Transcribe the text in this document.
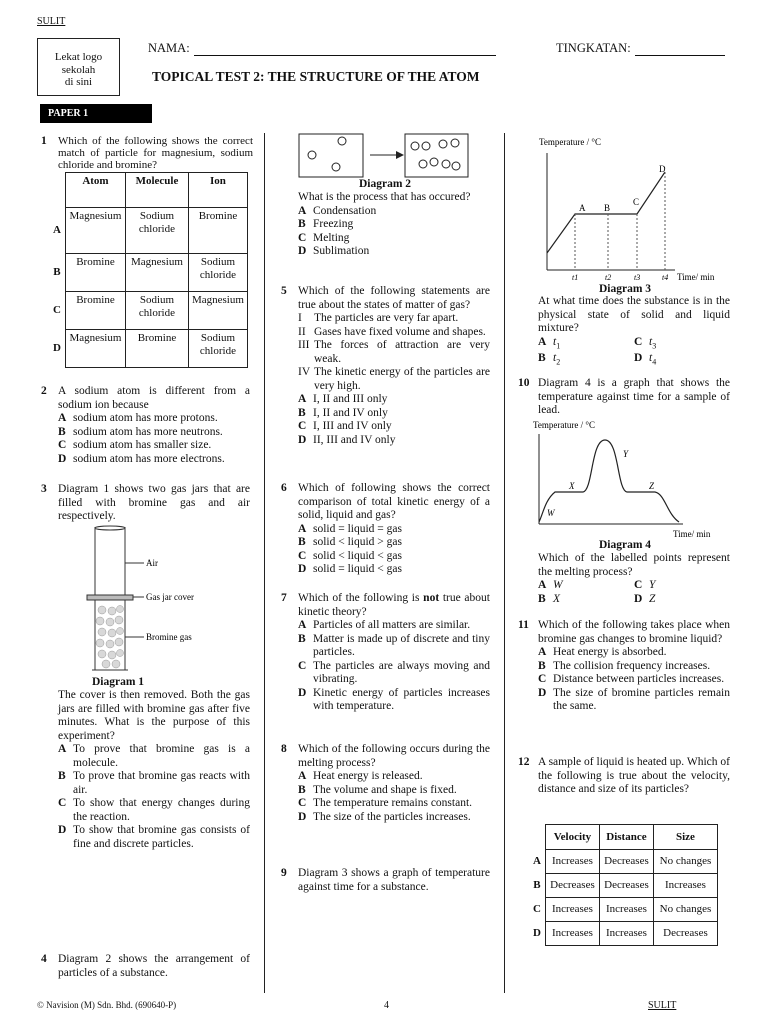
SULIT
Lekat logo
sekolah
di sini
NAMA:	TINGKATAN:
TOPICAL TEST 2: THE STRUCTURE OF THE ATOM
PAPER 1
1 Which of the following shows the correct match of particle for magnesium, sodium chloride and bromine?
	Atom	Molecule	Ion
A	Magnesium	Sodium chloride	Bromine
B	Bromine	Magnesium	Sodium chloride
C	Bromine	Sodium chloride	Magnesium
D	Magnesium	Bromine	Sodium chloride
2 A sodium atom is different from a sodium ion because
A sodium atom has more protons.
B sodium atom has more neutrons.
C sodium atom has smaller size.
D sodium atom has more electrons.
3 Diagram 1 shows two gas jars that are filled with bromine gas and air respectively.
Air
Gas jar cover
Bromine gas
Diagram 1
The cover is then removed. Both the gas jars are filled with bromine gas after five minutes. What is the purpose of this experiment?
A To prove that bromine gas is a molecule.
B To prove that bromine gas reacts with air.
C To show that energy changes during the reaction.
D To show that bromine gas consists of fine and discrete particles.
4 Diagram 2 shows the arrangement of particles of a substance.
Diagram 2
What is the process that has occured?
A Condensation
B Freezing
C Melting
D Sublimation
5 Which of the following statements are true about the states of matter of gas?
I	The particles are very far apart.
II Gases have fixed volume and shapes.
III The forces of attraction are very weak.
IV The kinetic energy of the particles are very high.
A I, II and III only
B I, II and IV only
C I, III and IV only
D II, III and IV only
6 Which of following shows the correct comparison of total kinetic energy of a solid, liquid and gas?
A solid = liquid = gas
B solid < liquid > gas
C solid < liquid < gas
D solid = liquid < gas
7 Which of the following is not true about kinetic theory?
A Particles of all matters are similar.
B Matter is made up of discrete and tiny particles.
C The particles are always moving and vibrating.
D Kinetic energy of particles increases with temperature.
8 Which of the following occurs during the melting process?
A Heat energy is released.
B The volume and shape is fixed.
C The temperature remains constant.
D The size of the particles increases.
9 Diagram 3 shows a graph of temperature against time for a substance.
Temperature / °C
A B
C
D
t1	t2	t3	t4 Time/ min
Diagram 3
At what time does the substance is in the physical state of solid and liquid mixture?
A $t_1$	C $t_3$
B $t_2$	D $t_4$
10 Diagram 4 is a graph that shows the temperature against time for a sample of lead.
Temperature / °C
W
X
Y
Z
Time/ min
Diagram 4
Which of the labelled points represent the melting process?
A W	C Y
B X	D Z
11 Which of the following takes place when bromine gas changes to bromine liquid?
A Heat energy is absorbed.
B The collision frequency increases.
C Distance between particles increases.
D The size of bromine particles remain the same.
12 A sample of liquid is heated up. Which of the following is true about the velocity, distance and size of its particles?
	Velocity	Distance	Size
A	Increases	Decreases	No changes
B	Decreases	Decreases	Increases
C	Increases	Increases	No changes
D	Increases	Increases	Decreases
© Navision (M) Sdn. Bhd. (690640-P)	4	SULIT
